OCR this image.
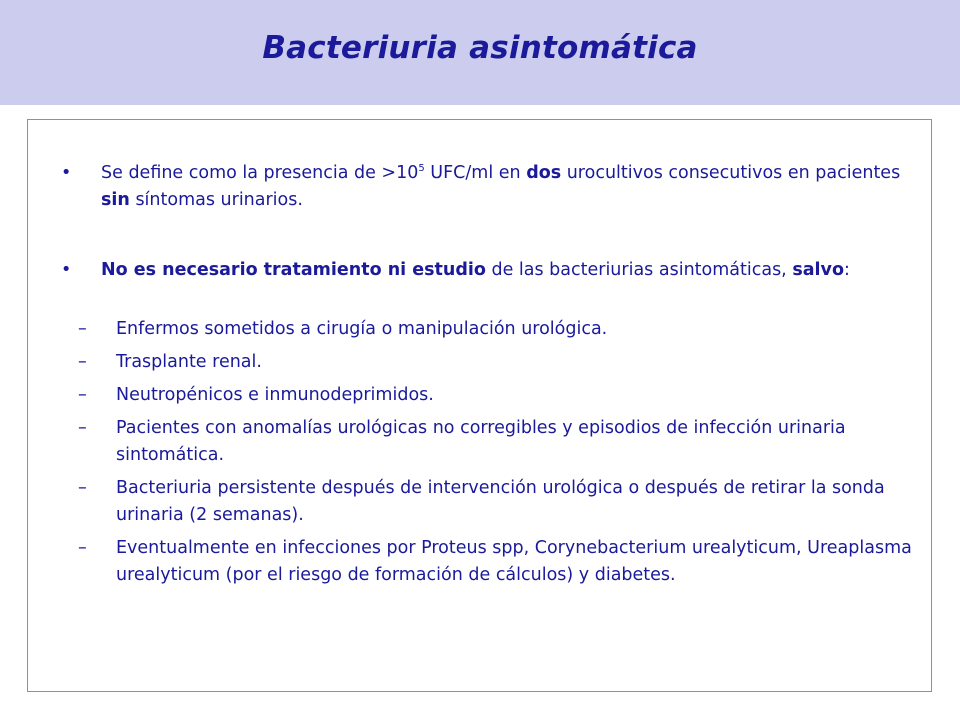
Bacteriuria asintomática
• Se define como la presencia de $>10^5$ UFC/ml en dos urocultivos consecutivos en pacientes sin síntomas urinarios.
• No es necesario tratamiento ni estudio de las bacteriurias asintomáticas, salvo:
– Enfermos sometidos a cirugía o manipulación urológica.
– Trasplante renal.
– Neutropénicos e inmunodeprimidos.
– Pacientes con anomalías urológicas no corregibles y episodios de infección urinaria sintomática.
– Bacteriuria persistente después de intervención urológica o después de retirar la sonda urinaria (2 semanas).
– Eventualmente en infecciones por Proteus spp, Corynebacterium urealyticum, Ureaplasma urealyticum (por el riesgo de formación de cálculos) y diabetes.
